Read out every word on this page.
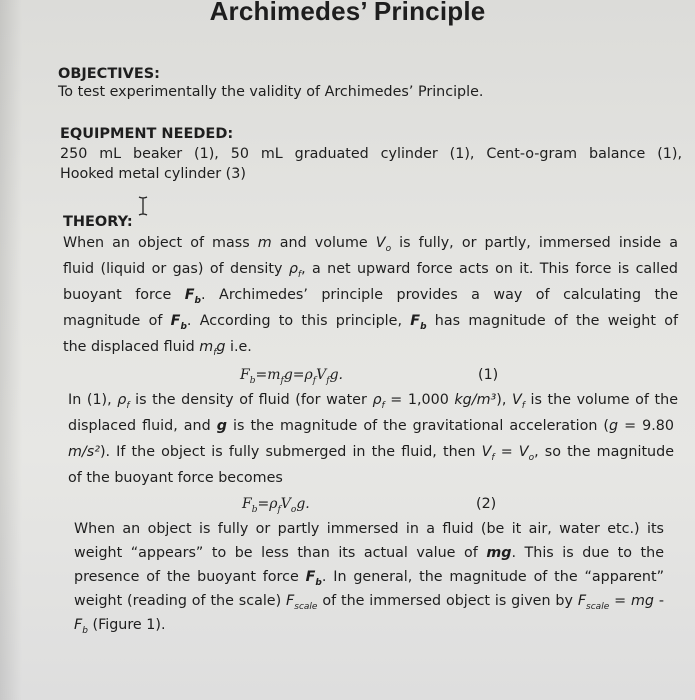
Archimedes’ Principle
OBJECTIVES:
To test experimentally the validity of Archimedes’ Principle.
EQUIPMENT NEEDED:
250 mL beaker (1), 50 mL graduated cylinder (1), Cent-o-gram balance (1),
Hooked metal cylinder (3)
THEORY:
When an object of mass m and volume $V_o$ is fully, or partly, immersed inside a
fluid (liquid or gas) of density $\rho_f$, a net upward force acts on it. This force is called
buoyant force $F_b$. Archimedes’ principle provides a way of calculating the
magnitude of $F_b$. According to this principle, $F_b$ has magnitude of the weight of
the displaced fluid $m_fg$ i.e.
$F_b=m_fg=\rho_fV_fg$.	(1)
In (1), $\rho_f$ is the density of fluid (for water $\rho_f = 1,000$ kg/m³), $V_f$ is the volume of the
displaced fluid, and g is the magnitude of the gravitational acceleration (g = 9.80
m/s²). If the object is fully submerged in the fluid, then $V_f = V_o$, so the magnitude
of the buoyant force becomes
$F_b=\rho_fV_og$.	(2)
When an object is fully or partly immersed in a fluid (be it air, water etc.) its
weight “appears” to be less than its actual value of mg. This is due to the
presence of the buoyant force $F_b$. In general, the magnitude of the “apparent”
weight (reading of the scale) $F_{scale}$ of the immersed object is given by $F_{scale}$ = mg -
$F_b$ (Figure 1).
